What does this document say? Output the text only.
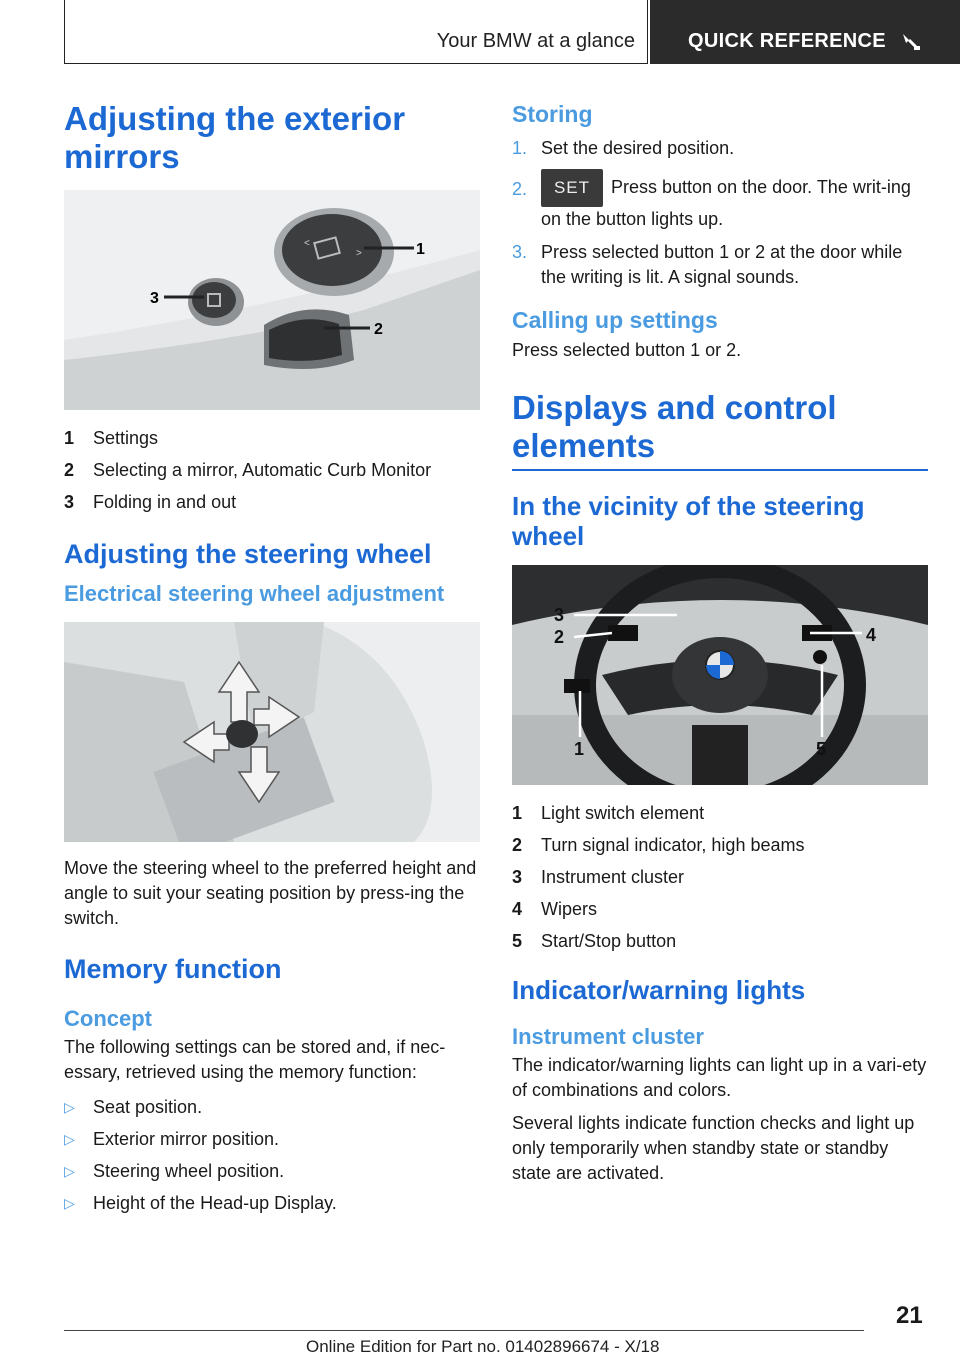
Your BMW at a glance	QUICK REFERENCE
Adjusting the exterior mirrors
<
>	1
2
3
1	Settings
2	Selecting a mirror, Automatic Curb Monitor
3	Folding in and out
Adjusting the steering wheel
Electrical steering wheel adjustment

Move the steering wheel to the preferred height and angle to suit your seating position by press-ing the switch.

Memory function
Concept

The following settings can be stored and, if nec-essary, retrieved using the memory function:

▷	Seat position.
▷	Exterior mirror position.
▷	Steering wheel position.
▷	Height of the Head-up Display.
Storing
1. Set the desired position.
2.	SET Press button on the door. The writ-ing on the button lights up.
3. Press selected button 1 or 2 at the door while the writing is lit. A signal sounds.
Calling up settings

Press selected button 1 or 2.

Displays and control elements
In the vicinity of the steering wheel
3
2	4
1	5
1	Light switch element
2	Turn signal indicator, high beams
3	Instrument cluster
4	Wipers
5	Start/Stop button
Indicator/warning lights
Instrument cluster

The indicator/warning lights can light up in a vari-ety of combinations and colors.

Several lights indicate function checks and light up only temporarily when standby state or standby state are activated.

21
Online Edition for Part no. 01402896674 - X/18
